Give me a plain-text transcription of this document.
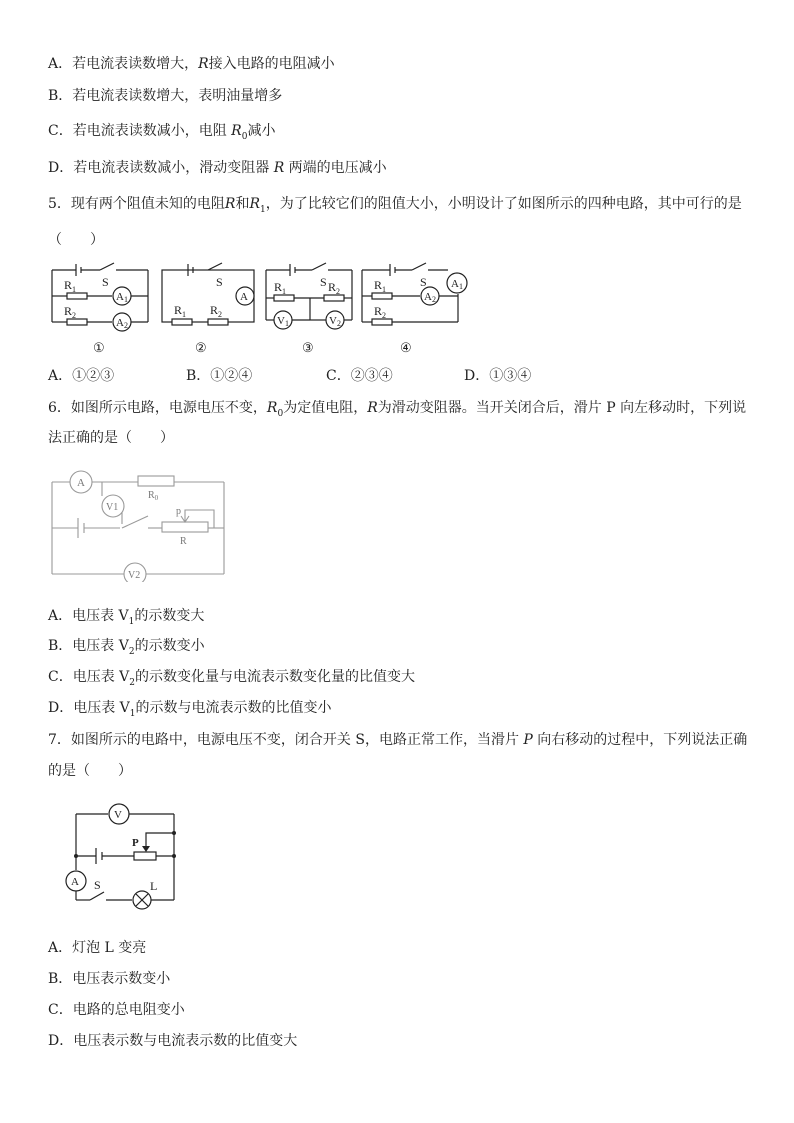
A．若电流表读数增大，R接入电路的电阻减小
B．若电流表读数增大，表明油量增多
C．若电流表读数减小，电阻 $R_0$减小
D．若电流表读数减小，滑动变阻器 R 两端的电压减小
5．现有两个阻值未知的电阻R和$R_1$，为了比较它们的阻值大小，小明设计了如图所示的四种电路，其中可行的是
（　　）
S
$R_1$
$R_2$
A1
A2
S
$R_1$ $R_2$
A
S
$R_1$	$R_2$
V1	V2
S
$R_1$
$R_2$
A2
A1
①	②	③	④
A．①②③	B．①②④	C．②③④	D．①③④
6．如图所示电路，电源电压不变，$R_0$为定值电阻，R为滑动变阻器。当开关闭合后，滑片 P 向左移动时，下列说
法正确的是（　　）
A
V1
$R_0$
p
R
V2
A．电压表 $V_1$的示数变大
B．电压表 $V_2$的示数变小
C．电压表 $V_2$的示数变化量与电流表示数变化量的比值变大
D．电压表 $V_1$的示数与电流表示数的比值变小
7．如图所示的电路中，电源电压不变，闭合开关 S，电路正常工作，当滑片 P 向右移动的过程中，下列说法正确
的是（　　）
V
P
A S	L
A．灯泡 L 变亮
B．电压表示数变小
C．电路的总电阻变小
D．电压表示数与电流表示数的比值变大
